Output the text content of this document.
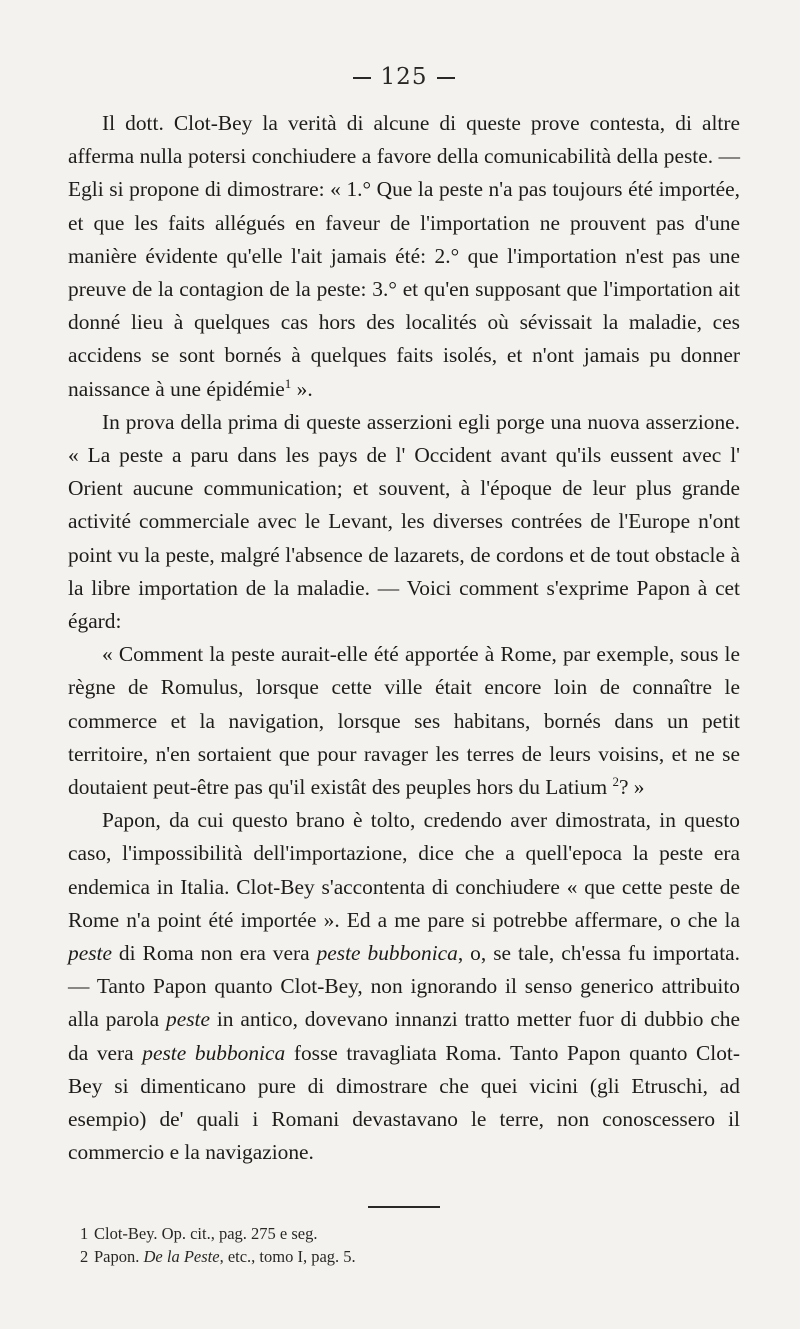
125

Il dott. Clot-Bey la verità di alcune di queste prove contesta, di altre afferma nulla potersi conchiudere a favore della comunicabilità della peste. — Egli si propone di dimostrare: « 1.° Que la peste n'a pas toujours été importée, et que les faits allégués en faveur de l'importation ne prouvent pas d'une manière évidente qu'elle l'ait jamais été: 2.° que l'importation n'est pas une preuve de la contagion de la peste: 3.° et qu'en supposant que l'importation ait donné lieu à quelques cas hors des localités où sévissait la maladie, ces accidens se sont bornés à quelques faits isolés, et n'ont jamais pu donner naissance à une épidémie$^1$ ».

In prova della prima di queste asserzioni egli porge una nuova asserzione. « La peste a paru dans les pays de l' Occident avant qu'ils eussent avec l' Orient aucune communication; et souvent, à l'époque de leur plus grande activité commerciale avec le Levant, les diverses contrées de l'Europe n'ont point vu la peste, malgré l'absence de lazarets, de cordons et de tout obstacle à la libre importation de la maladie. — Voici comment s'exprime Papon à cet égard:

« Comment la peste aurait-elle été apportée à Rome, par exemple, sous le règne de Romulus, lorsque cette ville était encore loin de connaître le commerce et la navigation, lorsque ses habitans, bornés dans un petit territoire, n'en sortaient que pour ravager les terres de leurs voisins, et ne se doutaient peut-être pas qu'il existât des peuples hors du Latium $^2$? »

Papon, da cui questo brano è tolto, credendo aver dimostrata, in questo caso, l'impossibilità dell'importazione, dice che a quell'epoca la peste era endemica in Italia. Clot-Bey s'accontenta di conchiudere « que cette peste de Rome n'a point été importée ». Ed a me pare si potrebbe affermare, o che la peste di Roma non era vera peste bubbonica, o, se tale, ch'essa fu importata. — Tanto Papon quanto Clot-Bey, non ignorando il senso generico attribuito alla parola peste in antico, dovevano innanzi tratto metter fuor di dubbio che da vera peste bubbonica fosse travagliata Roma. Tanto Papon quanto Clot-Bey si dimenticano pure di dimostrare che quei vicini (gli Etruschi, ad esempio) de' quali i Romani devastavano le terre, non conoscessero il commercio e la navigazione.

1 Clot-Bey. Op. cit., pag. 275 e seg.

2 Papon. De la Peste, etc., tomo I, pag. 5.
